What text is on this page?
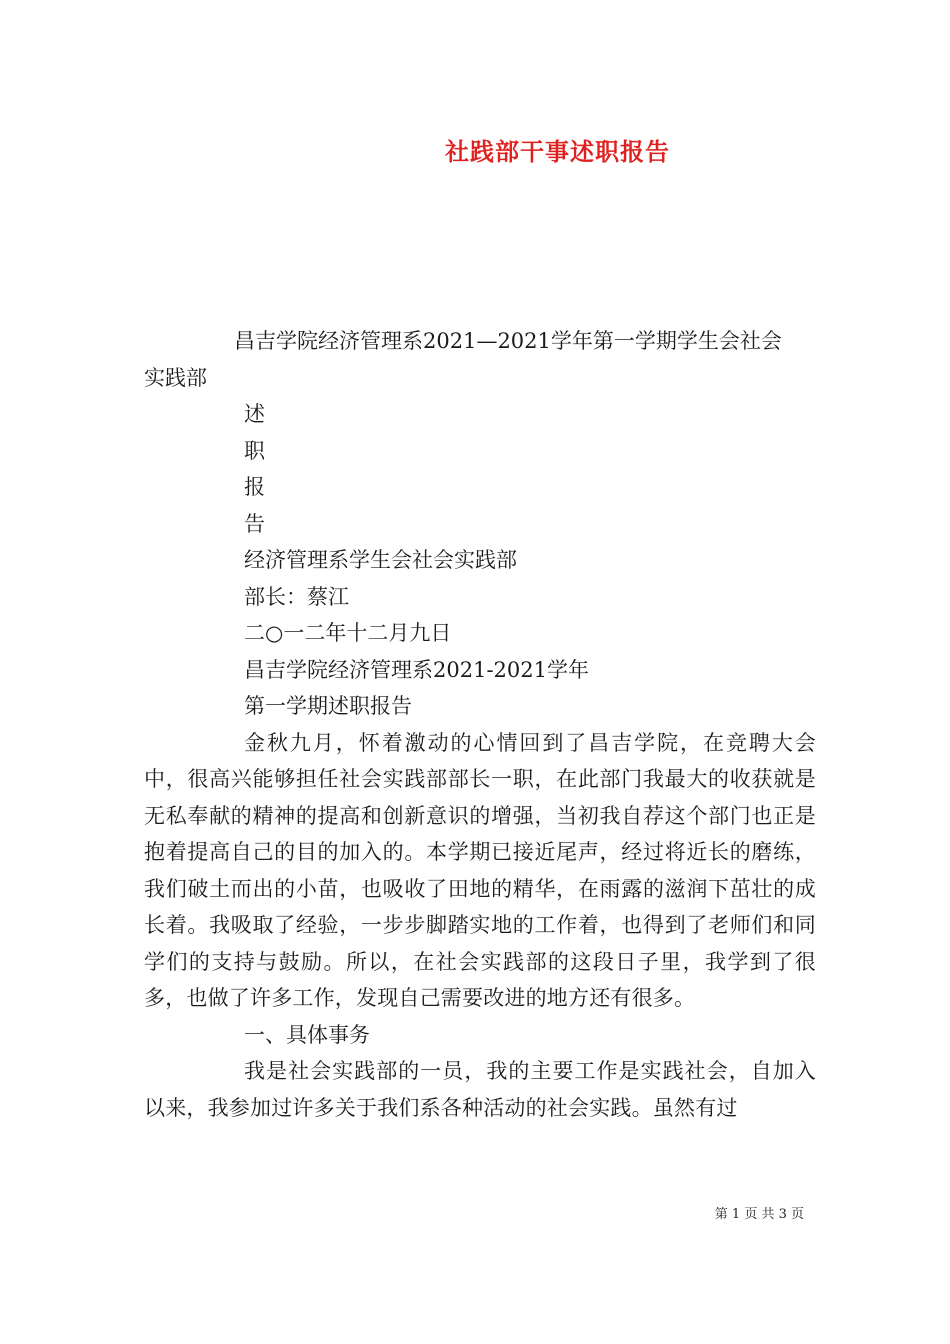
社践部干事述职报告
昌吉学院经济管理系2021—2021学年第一学期学生会社会
实践部
述
职
报
告
经济管理系学生会社会实践部
部长：蔡江
二○一二年十二月九日
昌吉学院经济管理系2021-2021学年
第一学期述职报告
金秋九月，怀着激动的心情回到了昌吉学院，在竞聘大会中，很高兴能够担任社会实践部部长一职，在此部门我最大的收获就是无私奉献的精神的提高和创新意识的增强，当初我自荐这个部门也正是抱着提高自己的目的加入的。本学期已接近尾声，经过将近长的磨练，我们破土而出的小苗，也吸收了田地的精华，在雨露的滋润下茁壮的成长着。我吸取了经验，一步步脚踏实地的工作着，也得到了老师们和同学们的支持与鼓励。所以，在社会实践部的这段日子里，我学到了很多，也做了许多工作，发现自己需要改进的地方还有很多。
一、具体事务
我是社会实践部的一员，我的主要工作是实践社会，自加入以来，我参加过许多关于我们系各种活动的社会实践。虽然有过
第 1 页 共 3 页
